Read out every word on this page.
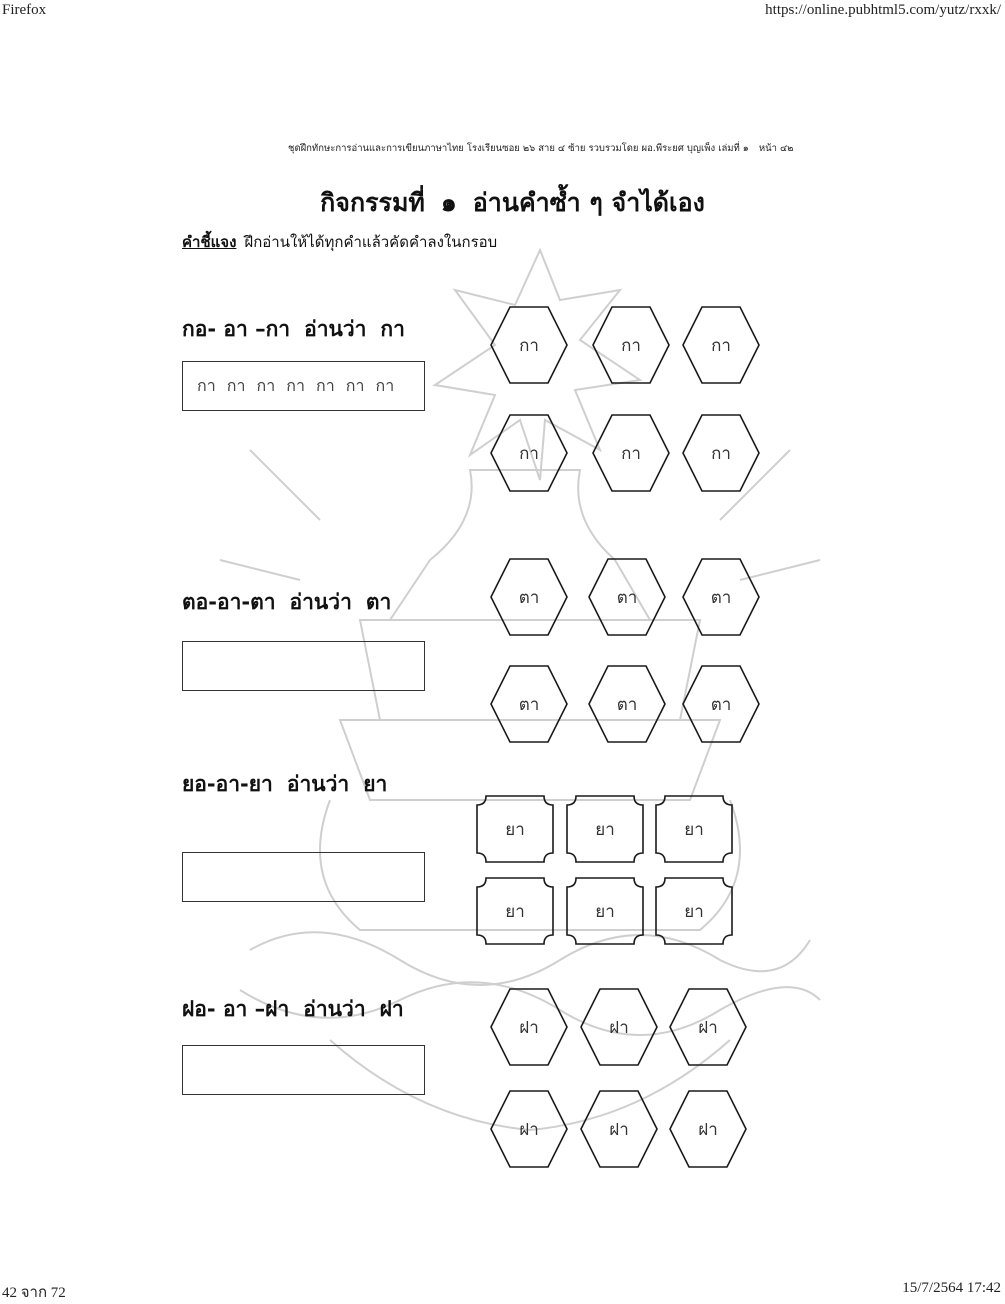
Firefox	https://online.pubhtml5.com/yutz/rxxk/
ชุดฝึกทักษะการอ่านและการเขียนภาษาไทย โรงเรียนซอย ๒๖ สาย ๔ ซ้าย รวบรวมโดย ผอ.พีระยศ บุญเพ็ง เล่มที่ ๑ หน้า ๔๒
กิจกรรมที่ ๑ อ่านคำซ้ำ ๆ จำได้เอง
คำชี้แจง ฝึกอ่านให้ได้ทุกคำแล้วคัดคำลงในกรอบ
กอ- อา –กา อ่านว่า กา
กา กา กา กา กา กา กา
ตอ-อา-ตา อ่านว่า ตา
ยอ-อา-ยา อ่านว่า ยา
ฝอ- อา –ฝา อ่านว่า ฝา
กา	กา	กา
กา	กา	กา
ตา	ตา	ตา
ตา	ตา	ตา
ยา	ยา	ยา
ยา	ยา	ยา
ฝา	ฝา	ฝา
ฝา	ฝา	ฝา
42 จาก 72	15/7/2564 17:42
